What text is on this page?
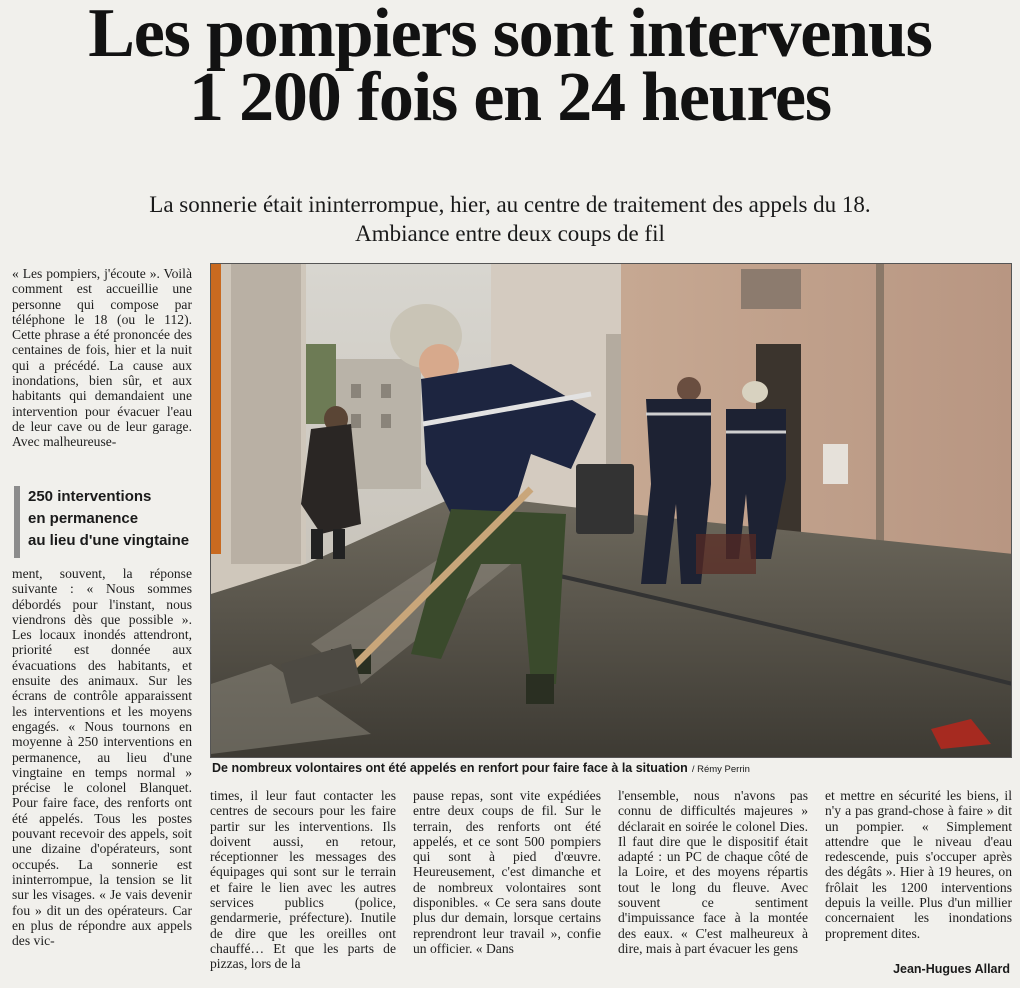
Les pompiers sont intervenus
1 200 fois en 24 heures
La sonnerie était ininterrompue, hier, au centre de traitement des appels du 18.
Ambiance entre deux coups de fil

« Les pompiers, j'écoute ». Voilà comment est accueillie une personne qui compose par téléphone le 18 (ou le 112). Cette phrase a été prononcée des centaines de fois, hier et la nuit qui a précédé. La cause aux inondations, bien sûr, et aux habitants qui demandaient une intervention pour évacuer l'eau de leur cave ou de leur garage. Avec malheureuse-

250 interventions
en permanence
au lieu d'une vingtaine

ment, souvent, la réponse suivante : « Nous sommes débordés pour l'instant, nous viendrons dès que possible ». Les locaux inondés attendront, priorité est donnée aux évacuations des habitants, et ensuite des animaux. Sur les écrans de contrôle apparaissent les interventions et les moyens engagés. « Nous tournons en moyenne à 250 interventions en permanence, au lieu d'une vingtaine en temps normal » précise le colonel Blanquet. Pour faire face, des renforts ont été appelés. Tous les postes pouvant recevoir des appels, soit une dizaine d'opérateurs, sont occupés. La sonnerie est ininterrompue, la tension se lit sur les visages. « Je vais devenir fou » dit un des opérateurs. Car en plus de répondre aux appels des vic-

De nombreux volontaires ont été appelés en renfort pour faire face à la situation / Rémy Perrin

times, il leur faut contacter les centres de secours pour les faire partir sur les interventions. Ils doivent aussi, en retour, réceptionner les messages des équipages qui sont sur le terrain et faire le lien avec les autres services publics (police, gendarmerie, préfecture). Inutile de dire que les oreilles ont chauffé… Et que les parts de pizzas, lors de la

pause repas, sont vite expédiées entre deux coups de fil. Sur le terrain, des renforts ont été appelés, et ce sont 500 pompiers qui sont à pied d'œuvre. Heureusement, c'est dimanche et de nombreux volontaires sont disponibles. « Ce sera sans doute plus dur demain, lorsque certains reprendront leur travail », confie un officier. « Dans

l'ensemble, nous n'avons pas connu de difficultés majeures » déclarait en soirée le colonel Dies. Il faut dire que le dispositif était adapté : un PC de chaque côté de la Loire, et des moyens répartis tout le long du fleuve. Avec souvent ce sentiment d'impuissance face à la montée des eaux. « C'est malheureux à dire, mais à part évacuer les gens

et mettre en sécurité les biens, il n'y a pas grand-chose à faire » dit un pompier. « Simplement attendre que le niveau d'eau redescende, puis s'occuper après des dégâts ». Hier à 19 heures, on frôlait les 1200 interventions depuis la veille. Plus d'un millier concernaient les inondations proprement dites.

Jean-Hugues Allard
